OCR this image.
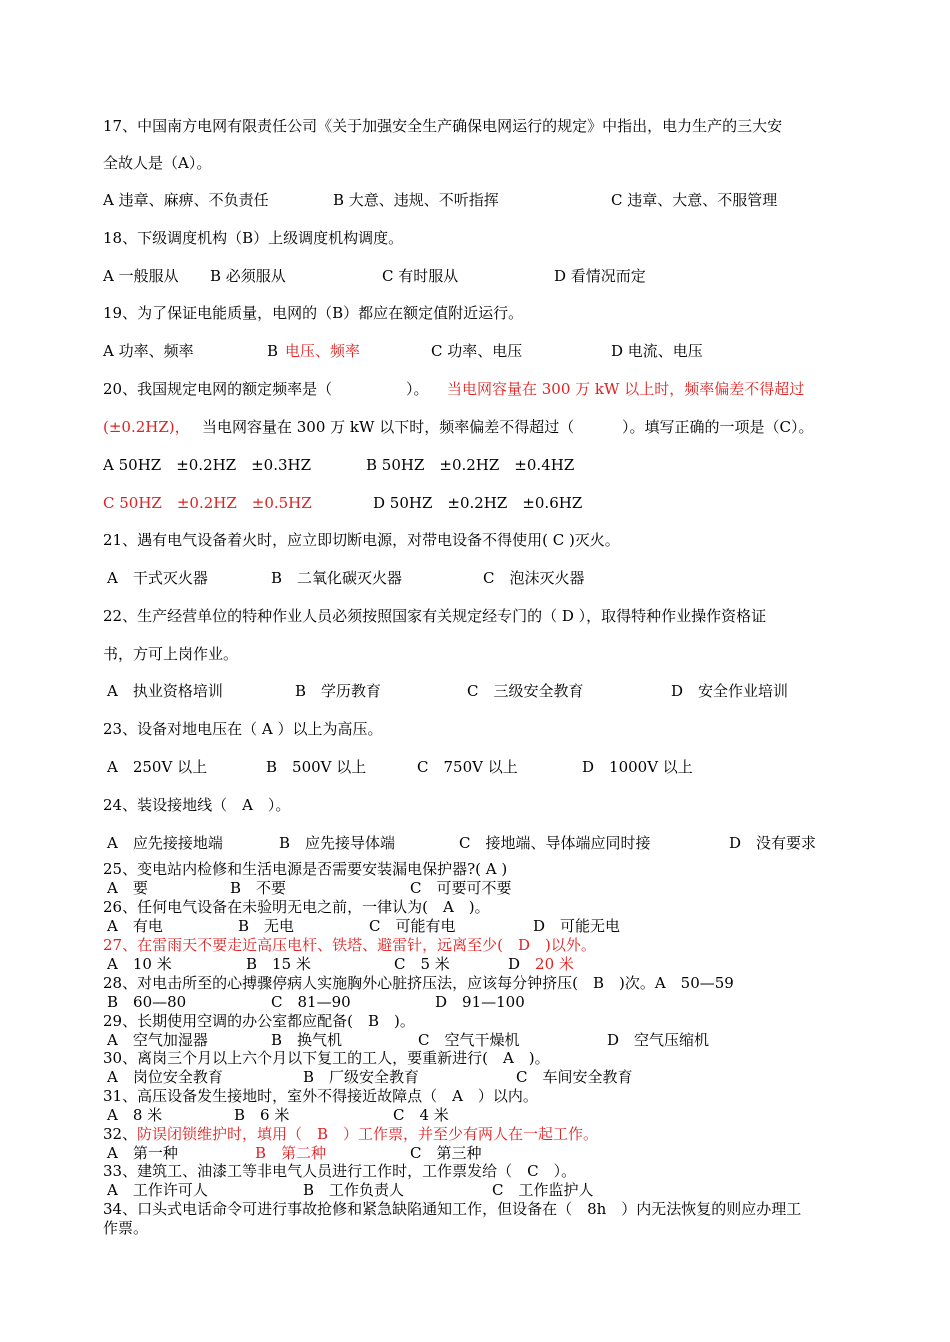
17、中国南方电网有限责任公司《关于加强安全生产确保电网运行的规定》中指出，电力生产的三大安
全故人是（A）。
A 违章、麻痹、不负责任	B 大意、违规、不听指挥	C 违章、大意、不服管理
18、下级调度机构（B）上级调度机构调度。
A 一般服从 B 必须服从	C 有时服从	D 看情况而定
19、为了保证电能质量，电网的（B）都应在额定值附近运行。
A 功率、频率	B 电压、频率	C 功率、电压	D 电流、电压
20、我国规定电网的额定频率是（	）。 当电网容量在 300 万 kW 以上时，频率偏差不得超过
(±0.2HZ)， 当电网容量在 300 万 kW 以下时，频率偏差不得超过（	）。填写正确的一项是（C）。
A 50HZ　±0.2HZ　±0.3HZ	B 50HZ　±0.2HZ　±0.4HZ
C 50HZ　±0.2HZ　±0.5HZ	D 50HZ　±0.2HZ　±0.6HZ
21、遇有电气设备着火时，应立即切断电源，对带电设备不得使用( C )灭火。
A　干式灭火器	B　二氧化碳灭火器	C　泡沫灭火器
22、生产经营单位的特种作业人员必须按照国家有关规定经专门的（ D ），取得特种作业操作资格证
书，方可上岗作业。
A　执业资格培训	B　学历教育	C　三级安全教育	D　安全作业培训
23、设备对地电压在（ A ）以上为高压。
A　250V 以上	B　500V 以上	C　750V 以上	D　1000V 以上
24、装设接地线（　A　）。
A　应先接接地端	B　应先接导体端	C　接地端、导体端应同时接	D　没有要求
25、变电站内检修和生活电源是否需要安装漏电保护器?( A )
A　要	B　不要	C　可要可不要
26、任何电气设备在未验明无电之前，一律认为(　A　)。
A　有电	B　无电	C　可能有电	D　可能无电
27、在雷雨天不要走近高压电杆、铁塔、避雷针，远离至少(　D　)以外。
A　10 米	B　15 米	C　5 米	D　20 米
28、对电击所至的心搏骤停病人实施胸外心脏挤压法，应该每分钟挤压(　B　)次。A　50—59
B　60—80	C　81—90	D　91—100
29、长期使用空调的办公室都应配备(　B　)。
A　空气加湿器	B　换气机	C　空气干燥机	D　空气压缩机
30、离岗三个月以上六个月以下复工的工人，要重新进行(　A　)。
A　岗位安全教育	B　厂级安全教育	C　车间安全教育
31、高压设备发生接地时，室外不得接近故障点（　A　）以内。
A　8 米	B　6 米	C　4 米
32、 防误闭锁维护时，填用（　B　）工作票，并至少有两人在一起工作。
A　第一种	B　第二种	C　第三种
33、建筑工、油漆工等非电气人员进行工作时，工作票发给（　C　）。
A　工作许可人	B　工作负责人	C　工作监护人
34、口头式电话命令可进行事故抢修和紧急缺陷通知工作，但设备在（　8h　）内无法恢复的则应办理工
作票。
